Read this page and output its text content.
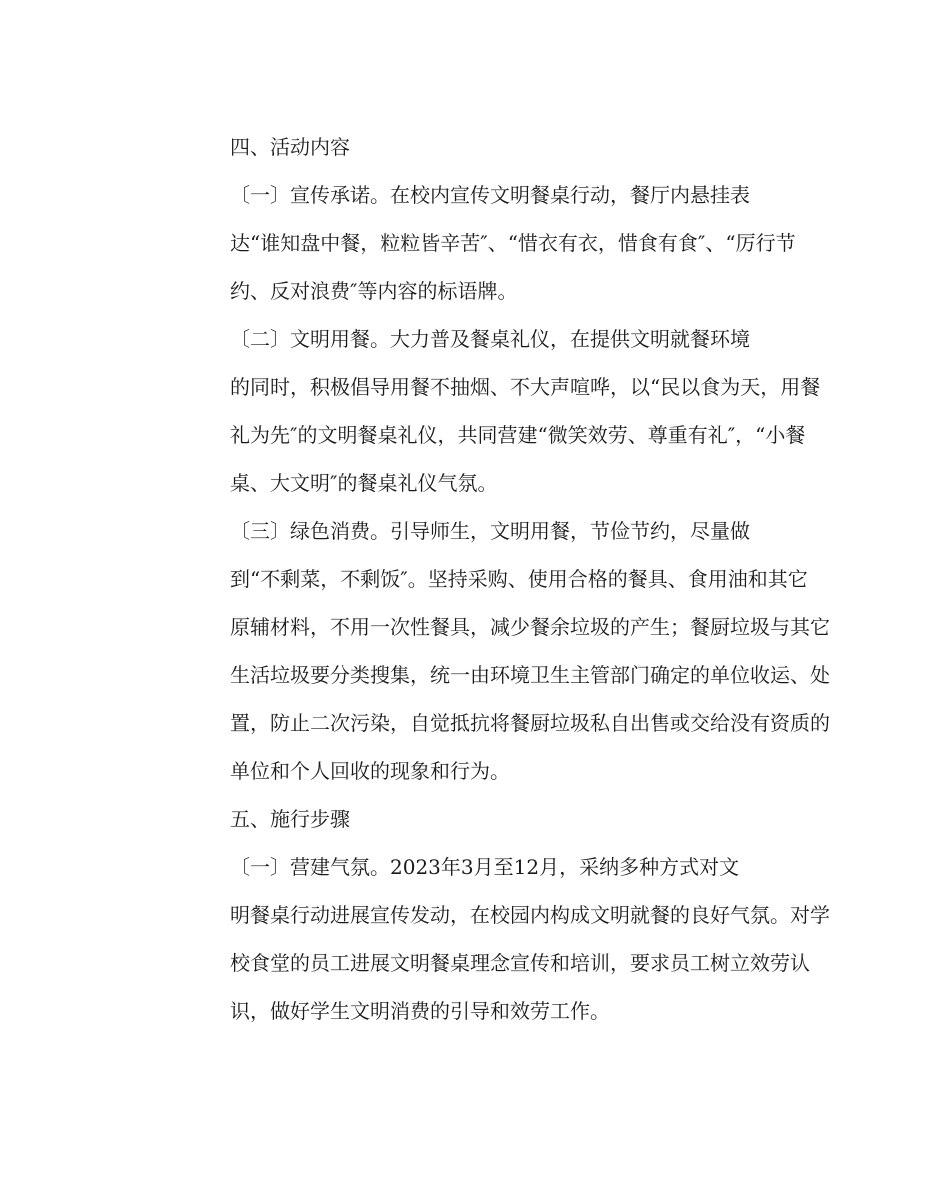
四、活动内容
〔一〕宣传承诺。在校内宣传文明餐桌行动，餐厅内悬挂表
达“谁知盘中餐，粒粒皆辛苦″、“惜衣有衣，惜食有食″、“厉行节
约、反对浪费″等内容的标语牌。
〔二〕文明用餐。大力普及餐桌礼仪，在提供文明就餐环境
的同时，积极倡导用餐不抽烟、不大声喧哗，以“民以食为天，用餐
礼为先″的文明餐桌礼仪，共同营建“微笑效劳、尊重有礼″，“小餐
桌、大文明″的餐桌礼仪气氛。
〔三〕绿色消费。引导师生，文明用餐，节俭节约，尽量做
到“不剩菜，不剩饭″。坚持采购、使用合格的餐具、食用油和其它
原辅材料，不用一次性餐具，减少餐余垃圾的产生；餐厨垃圾与其它
生活垃圾要分类搜集，统一由环境卫生主管部门确定的单位收运、处
置，防止二次污染，自觉抵抗将餐厨垃圾私自出售或交给没有资质的
单位和个人回收的现象和行为。
五、施行步骤
〔一〕营建气氛。2023年3月至12月，采纳多种方式对文
明餐桌行动进展宣传发动，在校园内构成文明就餐的良好气氛。对学
校食堂的员工进展文明餐桌理念宣传和培训，要求员工树立效劳认
识，做好学生文明消费的引导和效劳工作。
